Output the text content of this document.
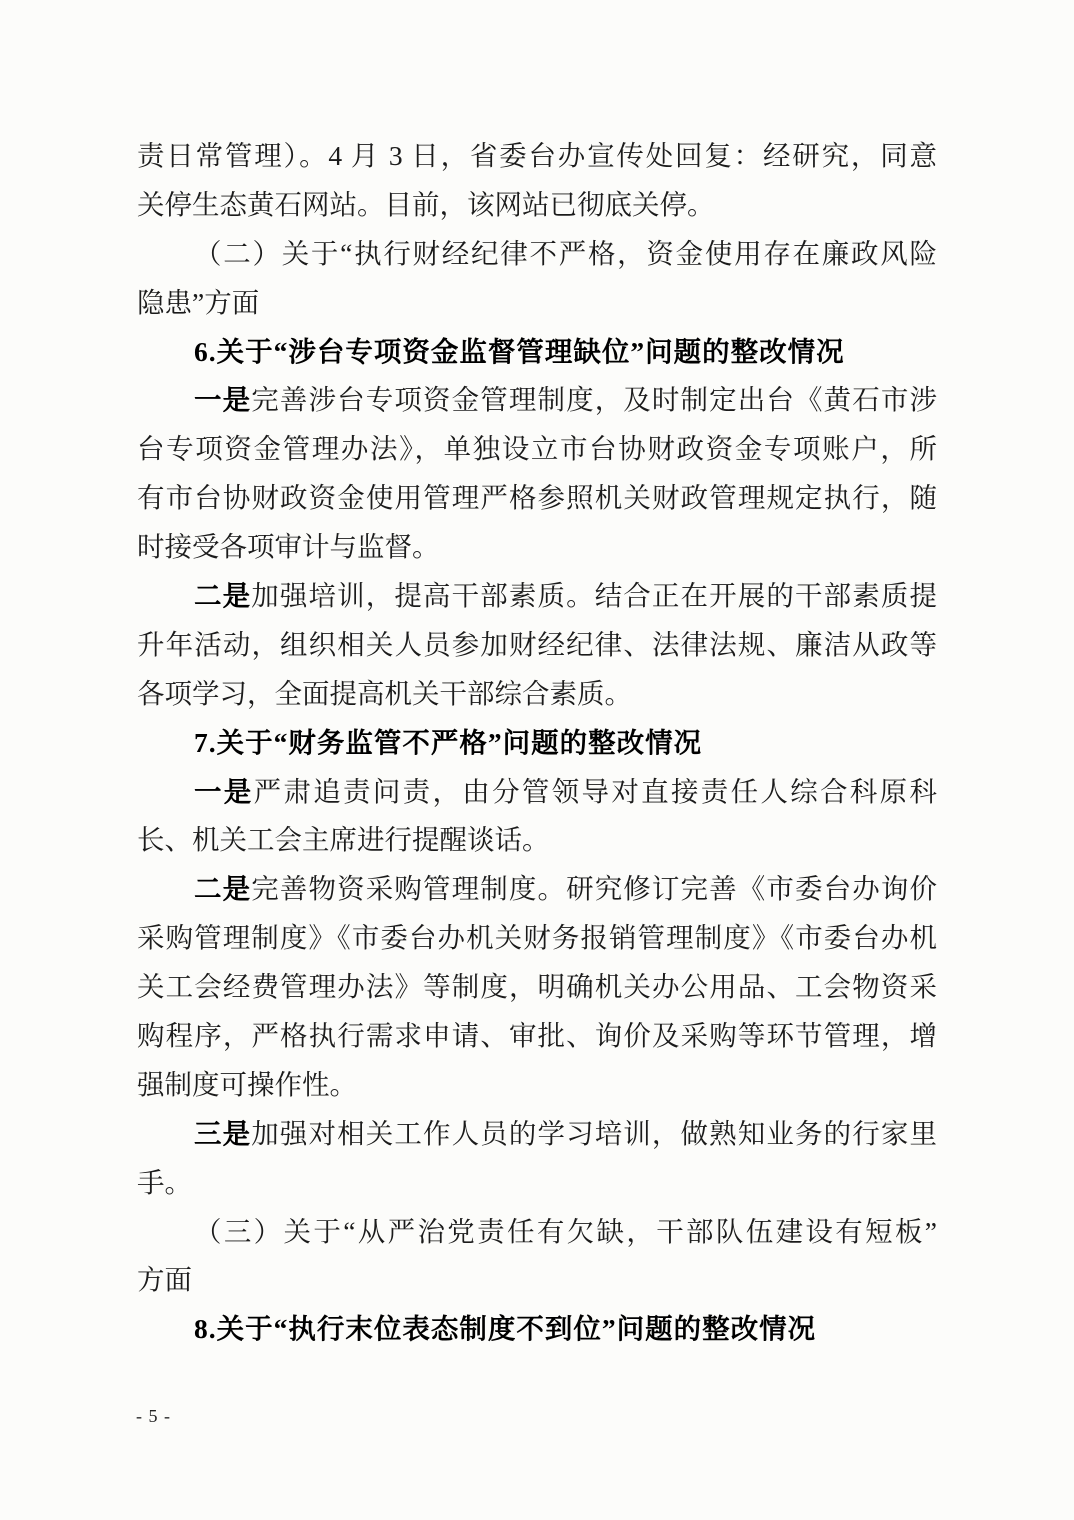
责日常管理）。4 月 3 日，省委台办宣传处回复：经研究，同意
关停生态黄石网站。目前，该网站已彻底关停。
（二）关于“执行财经纪律不严格，资金使用存在廉政风险
隐患”方面
6.关于“涉台专项资金监督管理缺位”问题的整改情况
一是完善涉台专项资金管理制度，及时制定出台《黄石市涉
台专项资金管理办法》，单独设立市台协财政资金专项账户，所
有市台协财政资金使用管理严格参照机关财政管理规定执行，随
时接受各项审计与监督。
二是加强培训，提高干部素质。结合正在开展的干部素质提
升年活动，组织相关人员参加财经纪律、法律法规、廉洁从政等
各项学习，全面提高机关干部综合素质。
7.关于“财务监管不严格”问题的整改情况
一是严肃追责问责，由分管领导对直接责任人综合科原科
长、机关工会主席进行提醒谈话。
二是完善物资采购管理制度。研究修订完善《市委台办询价
采购管理制度》《市委台办机关财务报销管理制度》《市委台办机
关工会经费管理办法》等制度，明确机关办公用品、工会物资采
购程序，严格执行需求申请、审批、询价及采购等环节管理，增
强制度可操作性。
三是加强对相关工作人员的学习培训，做熟知业务的行家里
手。
（三）关于“从严治党责任有欠缺，干部队伍建设有短板”
方面
8.关于“执行末位表态制度不到位”问题的整改情况
- 5 -
